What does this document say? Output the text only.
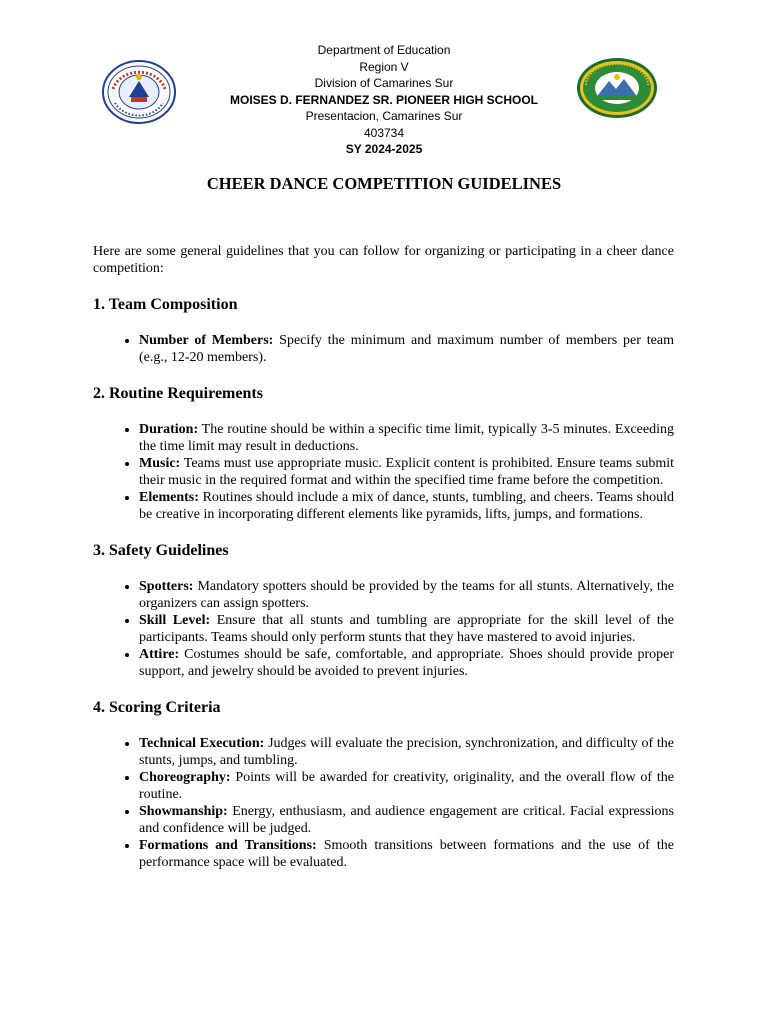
Department of Education
Region V
Division of Camarines Sur
MOISES D. FERNANDEZ SR. PIONEER HIGH SCHOOL
Presentacion, Camarines Sur
403734
SY 2024-2025
CHEER DANCE COMPETITION GUIDELINES

Here are some general guidelines that you can follow for organizing or participating in a cheer dance competition:

1. Team Composition
• Number of Members: Specify the minimum and maximum number of members per team (e.g., 12-20 members).
2. Routine Requirements
• Duration: The routine should be within a specific time limit, typically 3-5 minutes. Exceeding the time limit may result in deductions.
• Music: Teams must use appropriate music. Explicit content is prohibited. Ensure teams submit their music in the required format and within the specified time frame before the competition.
• Elements: Routines should include a mix of dance, stunts, tumbling, and cheers. Teams should be creative in incorporating different elements like pyramids, lifts, jumps, and formations.
3. Safety Guidelines
• Spotters: Mandatory spotters should be provided by the teams for all stunts. Alternatively, the organizers can assign spotters.
• Skill Level: Ensure that all stunts and tumbling are appropriate for the skill level of the participants. Teams should only perform stunts that they have mastered to avoid injuries.
• Attire: Costumes should be safe, comfortable, and appropriate. Shoes should provide proper support, and jewelry should be avoided to prevent injuries.
4. Scoring Criteria
• Technical Execution: Judges will evaluate the precision, synchronization, and difficulty of the stunts, jumps, and tumbling.
• Choreography: Points will be awarded for creativity, originality, and the overall flow of the routine.
• Showmanship: Energy, enthusiasm, and audience engagement are critical. Facial expressions and confidence will be judged.
• Formations and Transitions: Smooth transitions between formations and the use of the performance space will be evaluated.
